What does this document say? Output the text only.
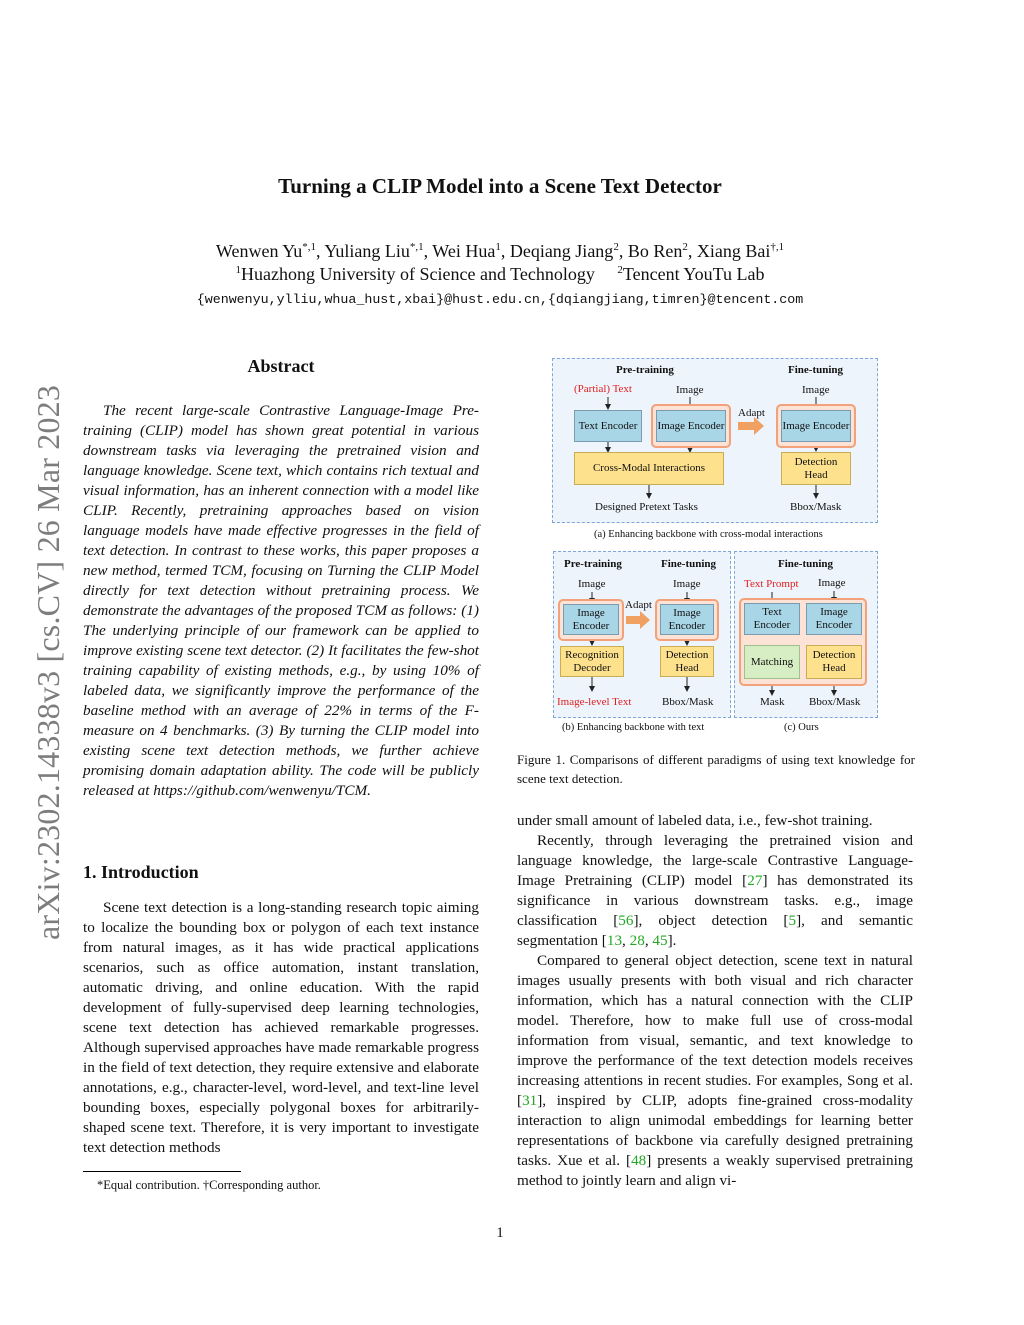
Turning a CLIP Model into a Scene Text Detector
Wenwen $Yu^{*,1}$, Yuliang Liu$^{*,1}$, Wei Hua$^1$, Deqiang Jiang$^2$, Bo Ren$^2$, Xiang Bai$^{\dagger,1}$
$^1$Huazhong University of Science and Technology $^2$Tencent YouTu Lab
{wenwenyu,ylliu,whua_hust,xbai}@hust.edu.cn,{dqiangjiang,timren}@tencent.com
arXiv:2302.14338v3 [cs.CV] 26 Mar 2023
Abstract

The recent large-scale Contrastive Language-Image Pre-training (CLIP) model has shown great potential in various downstream tasks via leveraging the pretrained vision and language knowledge. Scene text, which contains rich textual and visual information, has an inherent connection with a model like CLIP. Recently, pretraining approaches based on vision language models have made effective progresses in the field of text detection. In contrast to these works, this paper proposes a new method, termed TCM, focusing on Turning the CLIP Model directly for text detection without pretraining process. We demonstrate the advantages of the proposed TCM as follows: (1) The underlying principle of our framework can be applied to improve existing scene text detector. (2) It facilitates the few-shot training capability of existing methods, e.g., by using 10% of labeled data, we significantly improve the performance of the baseline method with an average of 22% in terms of the F-measure on 4 benchmarks. (3) By turning the CLIP model into existing scene text detection methods, we further achieve promising domain adaptation ability. The code will be publicly released at https://github.com/wenwenyu/TCM.

1. Introduction

Scene text detection is a long-standing research topic aiming to localize the bounding box or polygon of each text instance from natural images, as it has wide practical applications scenarios, such as office automation, instant translation, automatic driving, and online education. With the rapid development of fully-supervised deep learning technologies, scene text detection has achieved remarkable progresses. Although supervised approaches have made remarkable progress in the field of text detection, they require extensive and elaborate annotations, e.g., character-level, word-level, and text-line level bounding boxes, especially polygonal boxes for arbitrarily-shaped scene text. Therefore, it is very important to investigate text detection methods

*Equal contribution. †Corresponding author.
Pre-training	Fine-tuning
(Partial) Text	Image	Image
Text Encoder	Image Encoder
Adapt
Image Encoder
Cross-Modal Interactions
Detection Head
Designed Pretext Tasks	Bbox/Mask
(a) Enhancing backbone with cross-modal interactions
Pre-training	Fine-tuning
Image	Image
Image Encoder
Adapt
Image Encoder
Recognition Decoder
Detection Head
Image-level Text	Bbox/Mask
(b) Enhancing backbone with text
Fine-tuning
Text Prompt Image
Text Encoder
Image Encoder
Matching
Detection Head
Mask Bbox/Mask
(c) Ours
Figure 1. Comparisons of different paradigms of using text knowledge for scene text detection.

under small amount of labeled data, i.e., few-shot training.

Recently, through leveraging the pretrained vision and language knowledge, the large-scale Contrastive Language-Image Pretraining (CLIP) model [27] has demonstrated its significance in various downstream tasks. e.g., image classification [56], object detection [5], and semantic segmentation [13, 28, 45].

Compared to general object detection, scene text in natural images usually presents with both visual and rich character information, which has a natural connection with the CLIP model. Therefore, how to make full use of cross-modal information from visual, semantic, and text knowledge to improve the performance of the text detection models receives increasing attentions in recent studies. For examples, Song et al. [31], inspired by CLIP, adopts fine-grained cross-modality interaction to align unimodal embeddings for learning better representations of backbone via carefully designed pretraining tasks. Xue et al. [48] presents a weakly supervised pretraining method to jointly learn and align vi-

1
